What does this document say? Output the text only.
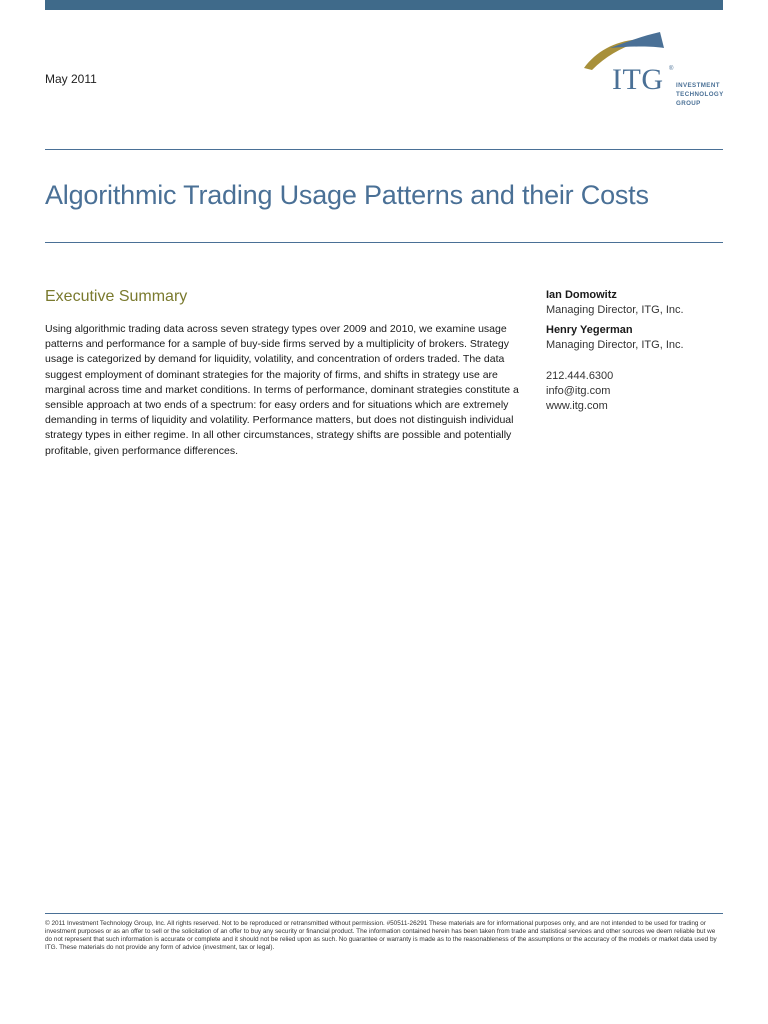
May 2011	ITG ®
INVESTMENT
TECHNOLOGY
GROUP
Algorithmic Trading Usage Patterns and their Costs
Executive Summary
Using algorithmic trading data across seven strategy types over 2009 and 2010, we examine usage patterns and performance for a sample of buy-side firms served by a multiplicity of brokers. Strategy usage is categorized by demand for liquidity, volatility, and concentration of orders traded. The data suggest employment of dominant strategies for the majority of firms, and shifts in strategy use are marginal across time and market conditions. In terms of performance, dominant strategies constitute a sensible approach at two ends of a spectrum: for easy orders and for situations which are extremely demanding in terms of liquidity and volatility. Performance matters, but does not distinguish individual strategy types in either regime. In all other circumstances, strategy shifts are possible and potentially profitable, given performance differences.
Ian Domowitz
Managing Director, ITG, Inc.
Henry Yegerman
Managing Director, ITG, Inc.
212.444.6300
info@itg.com
www.itg.com
© 2011 Investment Technology Group, Inc. All rights reserved. Not to be reproduced or retransmitted without permission. #50511-26291 These materials are for informational purposes only, and are not intended to be used for trading or investment purposes or as an offer to sell or the solicitation of an offer to buy any security or financial product. The information contained herein has been taken from trade and statistical services and other sources we deem reliable but we do not represent that such information is accurate or complete and it should not be relied upon as such. No guarantee or warranty is made as to the reasonableness of the assumptions or the accuracy of the models or market data used by ITG. These materials do not provide any form of advice (investment, tax or legal).
